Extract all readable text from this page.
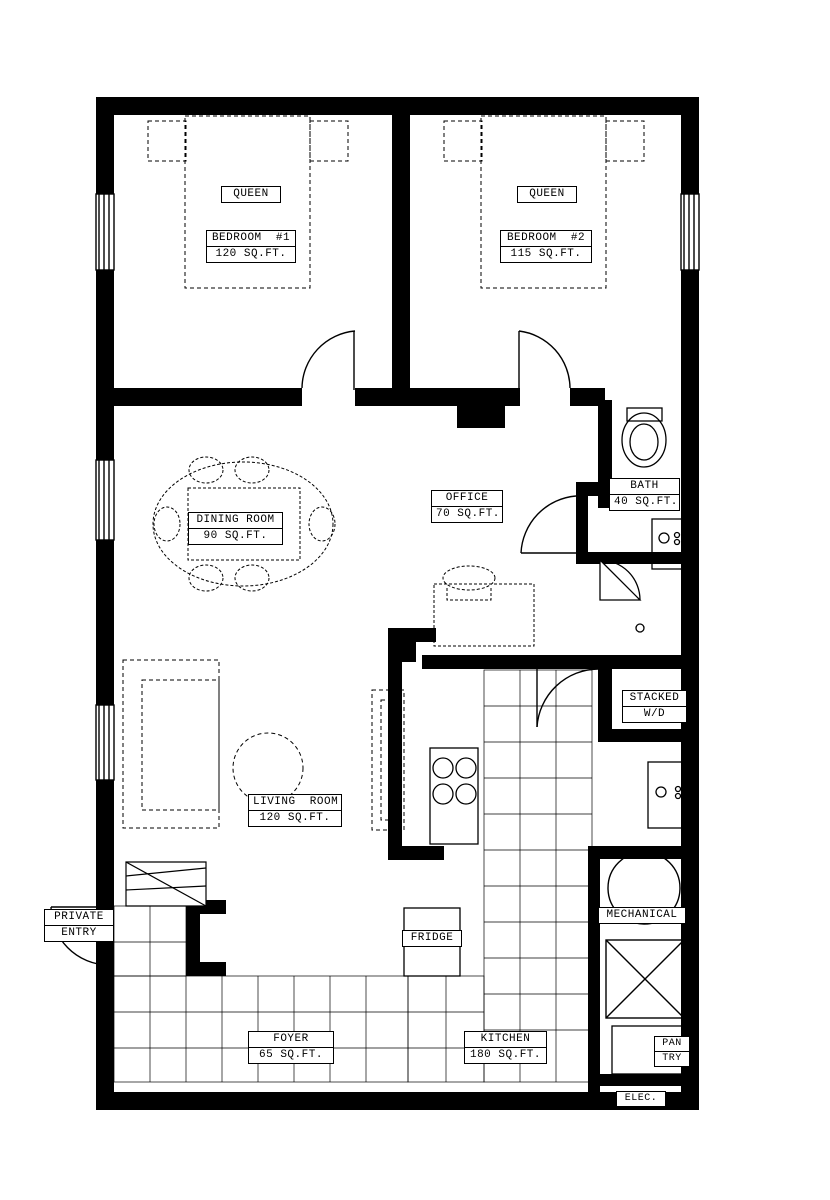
QUEEN
BEDROOM  #1
120 SQ.FT.
QUEEN
BEDROOM  #2
115 SQ.FT.
DINING ROOM
90 SQ.FT.
OFFICE
70 SQ.FT.
BATH
40 SQ.FT.
LIVING  ROOM
120 SQ.FT.
FOYER
65 SQ.FT.
KITCHEN
180 SQ.FT.
PRIVATE
ENTRY
STACKED
W/D
MECHANICAL
FRIDGE
PAN
TRY
ELEC.
